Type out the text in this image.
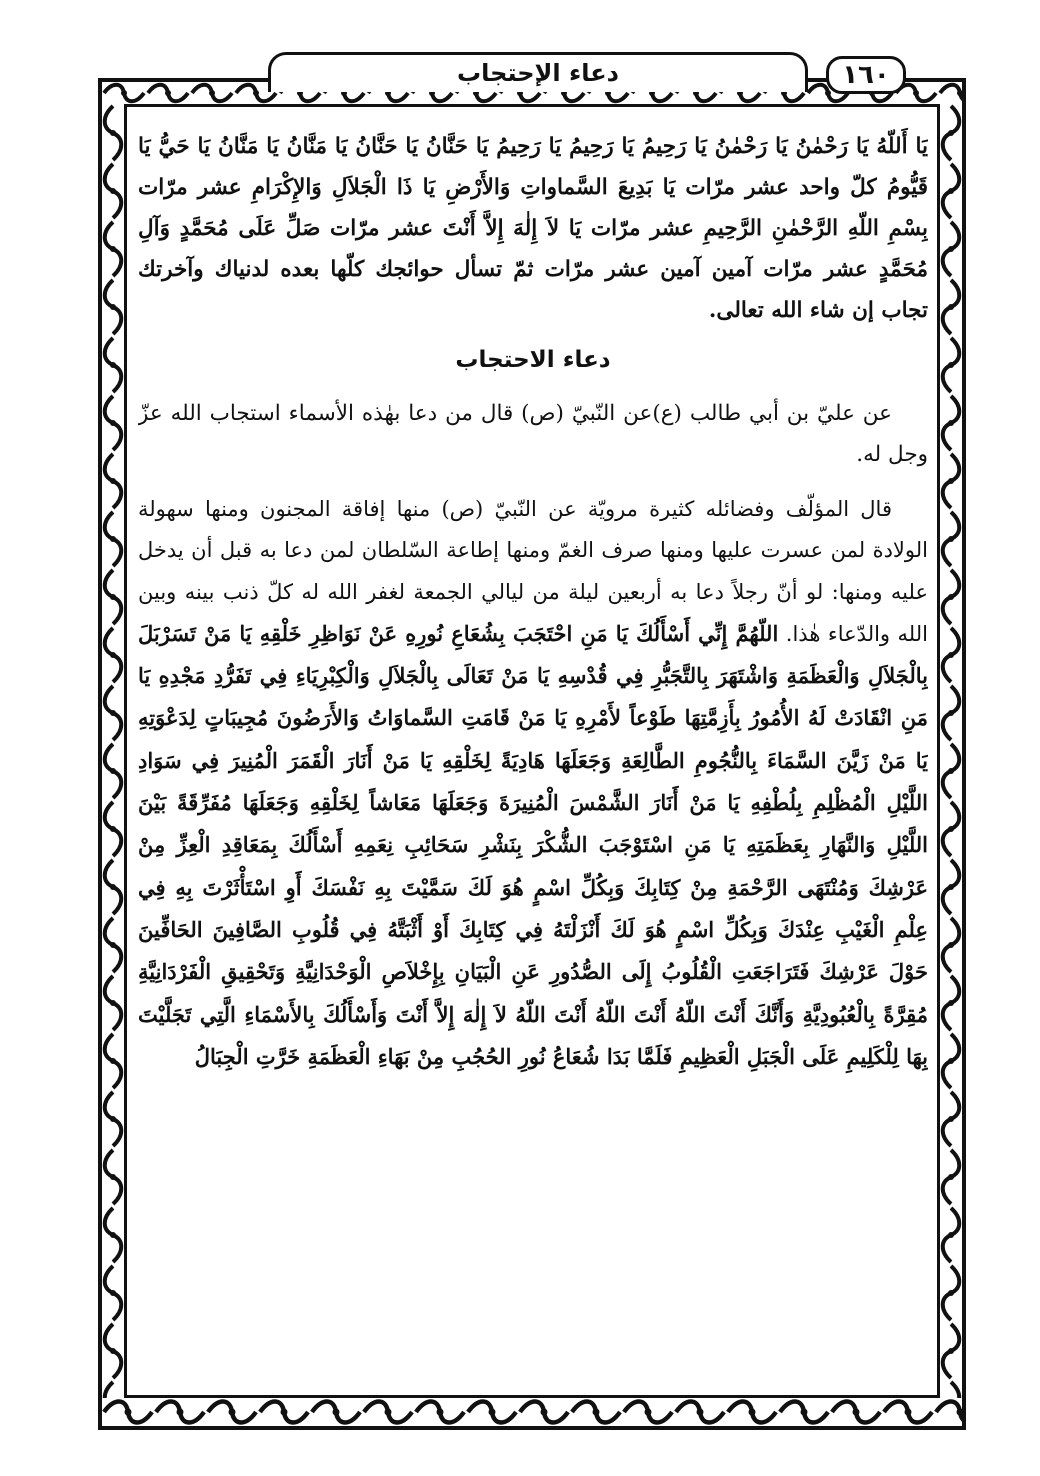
دعاء الإحتجاب	١٦٠

يَا أَللّهُ يَا رَحْمٰنُ يَا رَحْمٰنُ يَا رَحِيمُ يَا رَحِيمُ يَا رَحِيمُ يَا حَنَّانُ يَا حَنَّانُ يَا مَنَّانُ يَا مَنَّانُ يَا حَيُّ يَا قَيُّومُ كلّ واحد عشر مرّات يَا بَدِيعَ السَّماواتِ وَالأَرْضِ يَا ذَا الْجَلاَلِ وَالإِكْرَامِ عشر مرّات بِسْمِ اللّهِ الرَّحْمٰنِ الرَّحِيمِ عشر مرّات يَا لاَ إِلٰهَ إِلاَّ أَنْتَ عشر مرّات صَلِّ عَلَى مُحَمَّدٍ وَآلِ مُحَمَّدٍ عشر مرّات آمين آمين عشر مرّات ثمّ تسأل حوائجك كلّها بعده لدنياك وآخرتك تجاب إن شاء الله تعالى.

دعاء الاحتجاب

عن عليّ بن أبي طالب (ع)عن النّبيّ (ص) قال من دعا بهٰذه الأسماء استجاب الله عزّ وجل له.

قال المؤلّف وفضائله كثيرة مرويّة عن النّبيّ (ص) منها إفاقة المجنون ومنها سهولة الولادة لمن عسرت عليها ومنها صرف الغمّ ومنها إطاعة السّلطان لمن دعا به قبل أن يدخل عليه ومنها: لو أنّ رجلاً دعا به أربعين ليلة من ليالي الجمعة لغفر الله له كلّ ذنب بينه وبين الله والدّعاء هٰذا. اللّهُمَّ إِنِّي أَسْأَلُكَ يَا مَنِ احْتَجَبَ بِشُعَاعِ نُورِهِ عَنْ نَوَاظِرِ خَلْقِهِ يَا مَنْ تَسَرْبَلَ بِالْجَلاَلِ وَالْعَظَمَةِ وَاشْتَهَرَ بِالتَّجَبُّرِ فِي قُدْسِهِ يَا مَنْ تَعَالَى بِالْجَلاَلِ وَالْكِبْرِيَاءِ فِي تَفَرُّدِ مَجْدِهِ يَا مَنِ انْقَادَتْ لَهُ الأُمُورُ بِأَزِمَّتِهَا طَوْعاً لأَمْرِهِ يَا مَنْ قَامَتِ السَّماوَاتُ وَالأَرَضُونَ مُجِيبَاتٍ لِدَعْوَتِهِ يَا مَنْ زَيَّنَ السَّمَاءَ بِالنُّجُومِ الطَّالِعَةِ وَجَعَلَهَا هَادِيَةً لِخَلْقِهِ يَا مَنْ أَنَارَ الْقَمَرَ الْمُنِيرَ فِي سَوَادِ اللَّيْلِ الْمُظْلِمِ بِلُطْفِهِ يَا مَنْ أَنَارَ الشَّمْسَ الْمُنِيرَةَ وَجَعَلَهَا مَعَاشاً لِخَلْقِهِ وَجَعَلَهَا مُفَرِّقَةً بَيْنَ اللَّيْلِ وَالنَّهَارِ بِعَظَمَتِهِ يَا مَنِ اسْتَوْجَبَ الشُّكْرَ بِنَشْرِ سَحَائِبِ نِعَمِهِ أَسْأَلُكَ بِمَعَاقِدِ الْعِزِّ مِنْ عَرْشِكَ وَمُنْتَهَى الرَّحْمَةِ مِنْ كِتَابِكَ وَبِكُلِّ اسْمٍ هُوَ لَكَ سَمَّيْتَ بِهِ نَفْسَكَ أَوِ اسْتَأْثَرْتَ بِهِ فِي عِلْمِ الْغَيْبِ عِنْدَكَ وَبِكُلِّ اسْمٍ هُوَ لَكَ أَنْزَلْتَهُ فِي كِتَابِكَ أَوْ أَثْبَتَّهُ فِي قُلُوبِ الصَّافِينَ الحَافِّينَ حَوْلَ عَرْشِكَ فَتَرَاجَعَتِ الْقُلُوبُ إِلَى الصُّدُورِ عَنِ الْبَيَانِ بِإِخْلاَصِ الْوَحْدَانِيَّةِ وَتَحْقِيقِ الْفَرْدَانِيَّةِ مُقِرَّةً بِالْعُبُودِيَّةِ وَأَنَّكَ أَنْتَ اللّهُ أَنْتَ اللّهُ أَنْتَ اللّهُ لاَ إِلٰهَ إِلاَّ أَنْتَ وَأَسْأَلُكَ بِالأَسْمَاءِ الَّتِي تَجَلَّيْتَ بِهَا لِلْكَلِيمِ عَلَى الْجَبَلِ الْعَظِيمِ فَلَمَّا بَدَا شُعَاعُ نُورِ الحُجُبِ مِنْ بَهَاءِ الْعَظَمَةِ خَرَّتِ الْجِبَالُ
